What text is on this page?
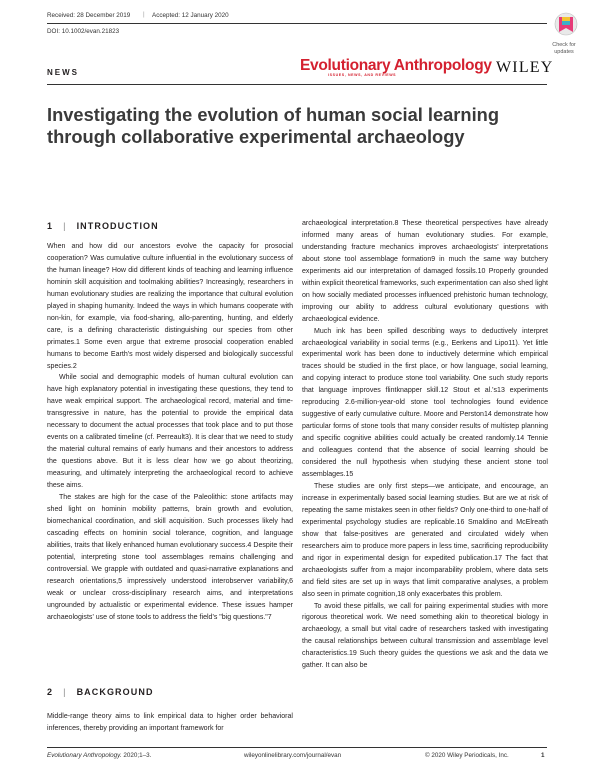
Received: 28 December 2019 | Accepted: 12 January 2020
DOI: 10.1002/evan.21823
Check for updates
NEWS	Evolutionary Anthropology
ISSUES, NEWS, AND REVIEWS	WILEY
Investigating the evolution of human social learning through collaborative experimental archaeology
1 | INTRODUCTION

When and how did our ancestors evolve the capacity for prosocial cooperation? Was cumulative culture influential in the evolutionary success of the human lineage? How did different kinds of teaching and learning influence hominin skill acquisition and toolmaking abilities? Increasingly, researchers in human evolutionary studies are realizing the importance that cultural evolution played in shaping humanity. Indeed the ways in which humans cooperate with non-kin, for example, via food-sharing, allo-parenting, hunting, and elderly care, is a defining characteristic distinguishing our species from other primates.1 Some even argue that extreme prosocial cooperation enabled humans to become Earth's most widely dispersed and biologically successful species.2

While social and demographic models of human cultural evolution can have high explanatory potential in investigating these questions, they tend to have weak empirical support. The archaeological record, material and time-transgressive in nature, has the potential to provide the empirical data necessary to document the actual processes that took place and to put those events on a calibrated timeline (cf. Perreault3). It is clear that we need to study the material cultural remains of early humans and their ancestors to address the questions above. But it is less clear how we go about theorizing, measuring, and ultimately interpreting the archaeological record to achieve these aims.

The stakes are high for the case of the Paleolithic: stone artifacts may shed light on hominin mobility patterns, brain growth and evolution, biomechanical coordination, and skill acquisition. Such processes likely had cascading effects on hominin social tolerance, cognition, and language abilities, traits that likely enhanced human evolutionary success.4 Despite their potential, interpreting stone tool assemblages remains challenging and controversial. We grapple with outdated and quasi-narrative explanations and research orientations,5 impressively understood interobserver variability,6 weak or unclear cross-disciplinary research aims, and interpretations ungrounded by actualistic or experimental evidence. These issues hamper archaeologists' use of stone tools to address the field's "big questions."7

2 | BACKGROUND

Middle-range theory aims to link empirical data to higher order behavioral inferences, thereby providing an important framework for

archaeological interpretation.8 These theoretical perspectives have already informed many areas of human evolutionary studies. For example, understanding fracture mechanics improves archaeologists' interpretations about stone tool assemblage formation9 in much the same way butchery experiments aid our interpretation of damaged fossils.10 Properly grounded within explicit theoretical frameworks, such experimentation can also shed light on how socially mediated processes influenced prehistoric human technology, improving our ability to address cultural evolutionary questions with archaeological evidence.

Much ink has been spilled describing ways to deductively interpret archaeological variability in social terms (e.g., Eerkens and Lipo11). Yet little experimental work has been done to inductively determine which empirical traces should be studied in the first place, or how language, social learning, and copying interact to produce stone tool variability. One such study reports that language improves flintknapper skill.12 Stout et al.'s13 experiments reproducing 2.6-million-year-old stone tool technologies found evidence suggestive of early cumulative culture. Moore and Perston14 demonstrate how particular forms of stone tools that many consider results of multistep planning and specific cognitive abilities could actually be created randomly.14 Tennie and colleagues contend that the absence of social learning should be considered the null hypothesis when studying these ancient stone tool assemblages.15

These studies are only first steps—we anticipate, and encourage, an increase in experimentally based social learning studies. But are we at risk of repeating the same mistakes seen in other fields? Only one-third to one-half of experimental psychology studies are replicable.16 Smaldino and McElreath show that false-positives are generated and circulated widely when researchers aim to produce more papers in less time, sacrificing reproducibility and rigor in experimental design for expedited publication.17 The fact that archaeologists suffer from a major incomparability problem, where data sets and field sites are set up in ways that limit comparative analyses, a problem also seen in primate cognition,18 only exacerbates this problem.

To avoid these pitfalls, we call for pairing experimental studies with more rigorous theoretical work. We need something akin to theoretical biology in archaeology, a small but vital cadre of researchers tasked with investigating the causal relationships between cultural transmission and assemblage level characteristics.19 Such theory guides the questions we ask and the data we gather. It can also be

Evolutionary Anthropology. 2020;1–3.	wileyonlinelibrary.com/journal/evan	© 2020 Wiley Periodicals, Inc.	1
